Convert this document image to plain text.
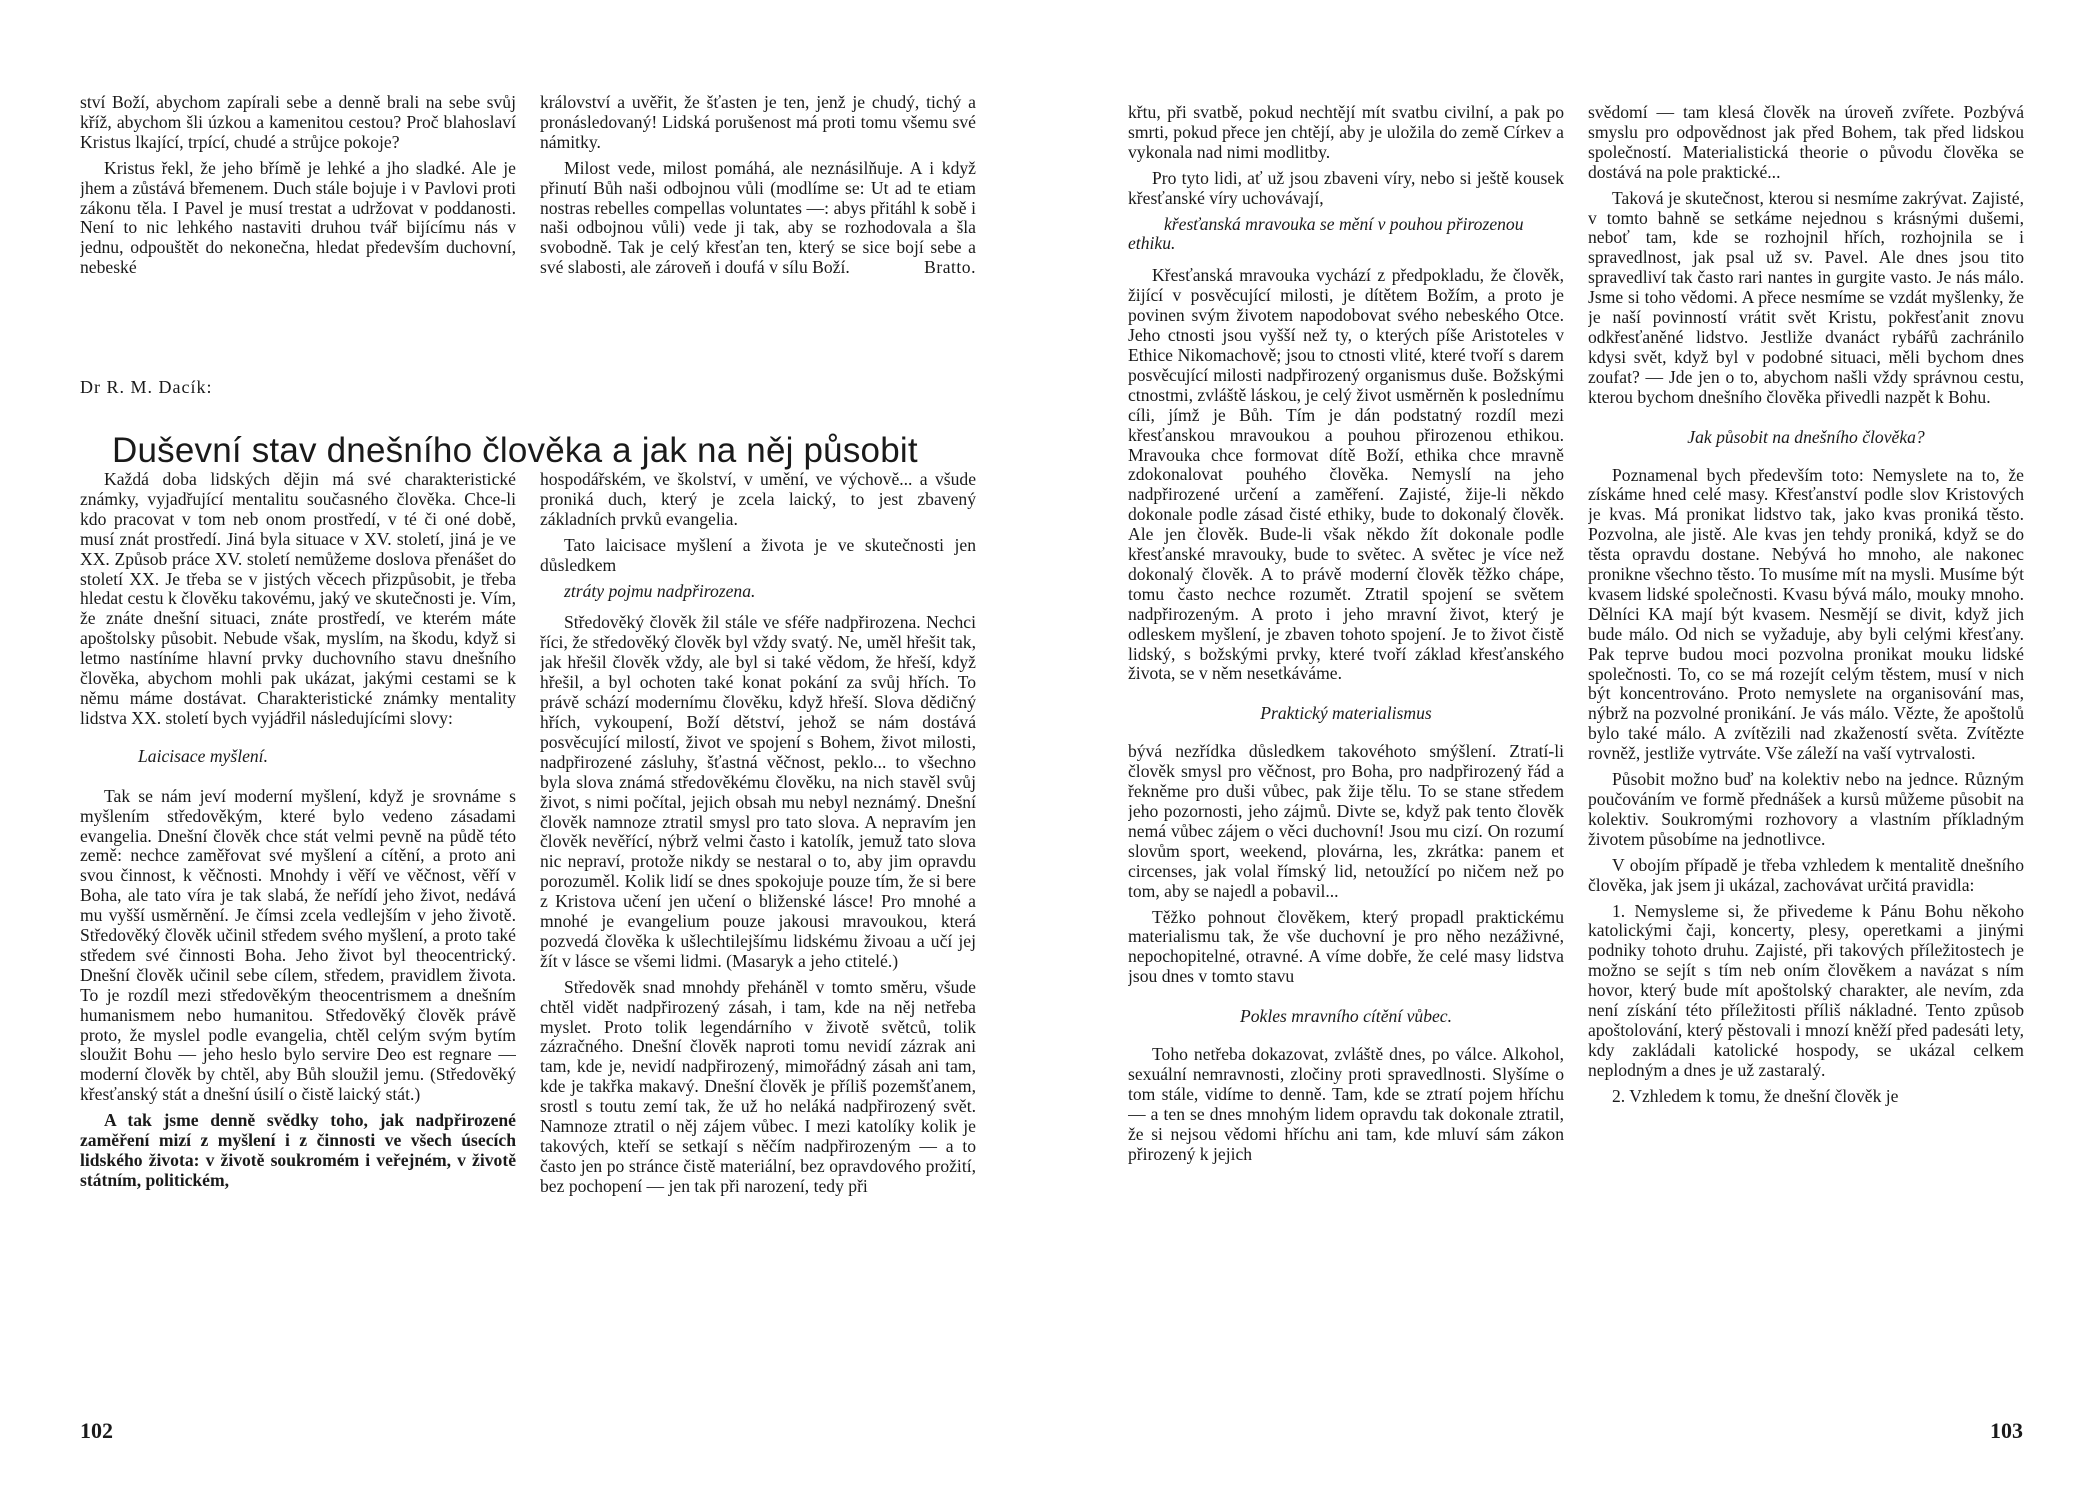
ství Boží, abychom zapírali sebe a denně brali na sebe svůj kříž, abychom šli úzkou a kamenitou cestou? Proč blahoslaví Kristus lkající, trpící, chudé a strůjce pokoje?

Kristus řekl, že jeho břímě je lehké a jho sladké. Ale je jhem a zůstává břemenem. Duch stále bojuje i v Pavlovi proti zákonu těla. I Pavel je musí trestat a udržovat v poddanosti. Není to nic lehkého nastaviti druhou tvář bijícímu nás v jednu, odpouštět do nekonečna, hledat především duchovní, nebeské

království a uvěřit, že šťasten je ten, jenž je chudý, tichý a pronásledovaný! Lidská porušenost má proti tomu všemu své námitky.

Milost vede, milost pomáhá, ale neznásilňuje. A i když přinutí Bůh naši odbojnou vůli (modlíme se: Ut ad te etiam nostras rebelles compellas voluntates —: abys přitáhl k sobě i naši odbojnou vůli) vede ji tak, aby se rozhodovala a šla svobodně. Tak je celý křesťan ten, který se sice bojí sebe a své slabosti, ale zároveň i doufá v sílu Boží.	Bratto.

Dr R. M. Dacík:
Duševní stav dnešního člověka a jak na něj působit

Každá doba lidských dějin má své charakteristické známky, vyjadřující mentalitu současného člověka. Chce-li kdo pracovat v tom neb onom prostředí, v té či oné době, musí znát prostředí. Jiná byla situace v XV. století, jiná je ve XX. Způsob práce XV. století nemůžeme doslova přenášet do století XX. Je třeba se v jistých věcech přizpůsobit, je třeba hledat cestu k člověku takovému, jaký ve skutečnosti je. Vím, že znáte dnešní situaci, znáte prostředí, ve kterém máte apoštolsky působit. Nebude však, myslím, na škodu, když si letmo nastíníme hlavní prvky duchovního stavu dnešního člověka, abychom mohli pak ukázat, jakými cestami se k němu máme dostávat. Charakteristické známky mentality lidstva XX. století bych vyjádřil následujícími slovy:

Laicisace myšlení.

Tak se nám jeví moderní myšlení, když je srovnáme s myšlením středověkým, které bylo vedeno zásadami evangelia. Dnešní člověk chce stát velmi pevně na půdě této země: nechce zaměřovat své myšlení a cítění, a proto ani svou činnost, k věčnosti. Mnohdy i věří ve věčnost, věří v Boha, ale tato víra je tak slabá, že neřídí jeho život, nedává mu vyšší usměrnění. Je čímsi zcela vedlejším v jeho životě. Středověký člověk učinil středem svého myšlení, a proto také středem své činnosti Boha. Jeho život byl theocentrický. Dnešní člověk učinil sebe cílem, středem, pravidlem života. To je rozdíl mezi středověkým theocentrismem a dnešním humanismem nebo humanitou. Středověký člověk právě proto, že myslel podle evangelia, chtěl celým svým bytím sloužit Bohu — jeho heslo bylo servire Deo est regnare — moderní člověk by chtěl, aby Bůh sloužil jemu. (Středověký křesťanský stát a dnešní úsilí o čistě laický stát.)

A tak jsme denně svědky toho, jak nadpřirozené zaměření mizí z myšlení i z činnosti ve všech úsecích lidského života: v životě soukromém i veřejném, v životě státním, politickém,

hospodářském, ve školství, v umění, ve výchově... a všude proniká duch, který je zcela laický, to jest zbavený základních prvků evangelia.

Tato laicisace myšlení a života je ve skutečnosti jen důsledkem

ztráty pojmu nadpřirozena.

Středověký člověk žil stále ve sféře nadpřirozena. Nechci říci, že středověký člověk byl vždy svatý. Ne, uměl hřešit tak, jak hřešil člověk vždy, ale byl si také vědom, že hřeší, když hřešil, a byl ochoten také konat pokání za svůj hřích. To právě schází modernímu člověku, když hřeší. Slova dědičný hřích, vykoupení, Boží dětství, jehož se nám dostává posvěcující milostí, život ve spojení s Bohem, život milosti, nadpřirozené zásluhy, šťastná věčnost, peklo... to všechno byla slova známá středověkému člověku, na nich stavěl svůj život, s nimi počítal, jejich obsah mu nebyl neznámý. Dnešní člověk namnoze ztratil smysl pro tato slova. A nepravím jen člověk nevěřící, nýbrž velmi často i katolík, jemuž tato slova nic nepraví, protože nikdy se nestaral o to, aby jim opravdu porozuměl. Kolik lidí se dnes spokojuje pouze tím, že si bere z Kristova učení jen učení o bliženské lásce! Pro mnohé a mnohé je evangelium pouze jakousi mravoukou, která pozvedá člověka k ušlechtilejšímu lidskému živoau a učí jej žít v lásce se všemi lidmi. (Masaryk a jeho ctitelé.)

Středověk snad mnohdy přeháněl v tomto směru, všude chtěl vidět nadpřirozený zásah, i tam, kde na něj netřeba myslet. Proto tolik legendárního v životě světců, tolik zázračného. Dnešní člověk naproti tomu nevidí zázrak ani tam, kde je, nevidí nadpřirozený, mimořádný zásah ani tam, kde je takřka makavý. Dnešní člověk je příliš pozemšťanem, srostl s toutu zemí tak, že už ho neláká nadpřirozený svět. Namnoze ztratil o něj zájem vůbec. I mezi katolíky kolik je takových, kteří se setkají s něčím nadpřirozeným — a to často jen po stránce čistě materiální, bez opravdového prožití, bez pochopení — jen tak při narození, tedy při

102

křtu, při svatbě, pokud nechtějí mít svatbu civilní, a pak po smrti, pokud přece jen chtějí, aby je uložila do země Církev a vykonala nad nimi modlitby.

Pro tyto lidi, ať už jsou zbaveni víry, nebo si ještě kousek křesťanské víry uchovávají,

křesťanská mravouka se mění v pouhou přirozenou ethiku.

Křesťanská mravouka vychází z předpokladu, že člověk, žijící v posvěcující milosti, je dítětem Božím, a proto je povinen svým životem napodobovat svého nebeského Otce. Jeho ctnosti jsou vyšší než ty, o kterých píše Aristoteles v Ethice Nikomachově; jsou to ctnosti vlité, které tvoří s darem posvěcující milosti nadpřirozený organismus duše. Božskými ctnostmi, zvláště láskou, je celý život usměrněn k poslednímu cíli, jímž je Bůh. Tím je dán podstatný rozdíl mezi křesťanskou mravoukou a pouhou přirozenou ethikou. Mravouka chce formovat dítě Boží, ethika chce mravně zdokonalovat pouhého člověka. Nemyslí na jeho nadpřirozené určení a zaměření. Zajisté, žije-li někdo dokonale podle zásad čisté ethiky, bude to dokonalý člověk. Ale jen člověk. Bude-li však někdo žít dokonale podle křesťanské mravouky, bude to světec. A světec je více než dokonalý člověk. A to právě moderní člověk těžko chápe, tomu často nechce rozumět. Ztratil spojení se světem nadpřirozeným. A proto i jeho mravní život, který je odleskem myšlení, je zbaven tohoto spojení. Je to život čistě lidský, s božskými prvky, které tvoří základ křesťanského života, se v něm nesetkáváme.

Praktický materialismus

bývá nezřídka důsledkem takovéhoto smýšlení. Ztratí-li člověk smysl pro věčnost, pro Boha, pro nadpřirozený řád a řekněme pro duši vůbec, pak žije tělu. To se stane středem jeho pozornosti, jeho zájmů. Divte se, když pak tento člověk nemá vůbec zájem o věci duchovní! Jsou mu cizí. On rozumí slovům sport, weekend, plovárna, les, zkrátka: panem et circenses, jak volal římský lid, netoužící po ničem než po tom, aby se najedl a pobavil...

Těžko pohnout člověkem, který propadl praktickému materialismu tak, že vše duchovní je pro něho nezáživné, nepochopitelné, otravné. A víme dobře, že celé masy lidstva jsou dnes v tomto stavu

Pokles mravního cítění vůbec.

Toho netřeba dokazovat, zvláště dnes, po válce. Alkohol, sexuální nemravnosti, zločiny proti spravedlnosti. Slyšíme o tom stále, vidíme to denně. Tam, kde se ztratí pojem hříchu — a ten se dnes mnohým lidem opravdu tak dokonale ztratil, že si nejsou vědomi hříchu ani tam, kde mluví sám zákon přirozený k jejich

svědomí — tam klesá člověk na úroveň zvířete. Pozbývá smyslu pro odpovědnost jak před Bohem, tak před lidskou společností. Materialistická theorie o původu člověka se dostává na pole praktické...

Taková je skutečnost, kterou si nesmíme zakrývat. Zajisté, v tomto bahně se setkáme nejednou s krásnými dušemi, neboť tam, kde se rozhojnil hřích, rozhojnila se i spravedlnost, jak psal už sv. Pavel. Ale dnes jsou tito spravedliví tak často rari nantes in gurgite vasto. Je nás málo. Jsme si toho vědomi. A přece nesmíme se vzdát myšlenky, že je naší povinností vrátit svět Kristu, pokřesťanit znovu odkřesťaněné lidstvo. Jestliže dvanáct rybářů zachránilo kdysi svět, když byl v podobné situaci, měli bychom dnes zoufat? — Jde jen o to, abychom našli vždy správnou cestu, kterou bychom dnešního člověka přivedli nazpět k Bohu.

Jak působit na dnešního člověka?

Poznamenal bych především toto: Nemyslete na to, že získáme hned celé masy. Křesťanství podle slov Kristových je kvas. Má pronikat lidstvo tak, jako kvas proniká těsto. Pozvolna, ale jistě. Ale kvas jen tehdy proniká, když se do těsta opravdu dostane. Nebývá ho mnoho, ale nakonec pronikne všechno těsto. To musíme mít na mysli. Musíme být kvasem lidské společnosti. Kvasu bývá málo, mouky mnoho. Dělníci KA mají být kvasem. Nesmějí se divit, když jich bude málo. Od nich se vyžaduje, aby byli celými křesťany. Pak teprve budou moci pozvolna pronikat mouku lidské společnosti. To, co se má rozejít celým těstem, musí v nich být koncentrováno. Proto nemyslete na organisování mas, nýbrž na pozvolné pronikání. Je vás málo. Vězte, že apoštolů bylo také málo. A zvítězili nad zkažeností světa. Zvítězte rovněž, jestliže vytrváte. Vše záleží na vaší vytrvalosti.

Působit možno buď na kolektiv nebo na jednce. Různým poučováním ve formě přednášek a kursů můžeme působit na kolektiv. Soukromými rozhovory a vlastním příkladným životem působíme na jednotlivce.

V obojím případě je třeba vzhledem k mentalitě dnešního člověka, jak jsem ji ukázal, zachovávat určitá pravidla:

1. Nemysleme si, že přivedeme k Pánu Bohu někoho katolickými čaji, koncerty, plesy, operetkami a jinými podniky tohoto druhu. Zajisté, při takových příležitostech je možno se sejít s tím neb oním člověkem a navázat s ním hovor, který bude mít apoštolský charakter, ale nevím, zda není získání této příležitosti příliš nákladné. Tento způsob apoštolování, který pěstovali i mnozí kněží před padesáti lety, kdy zakládali katolické hospody, se ukázal celkem neplodným a dnes je už zastaralý.

2. Vzhledem k tomu, že dnešní člověk je

103
